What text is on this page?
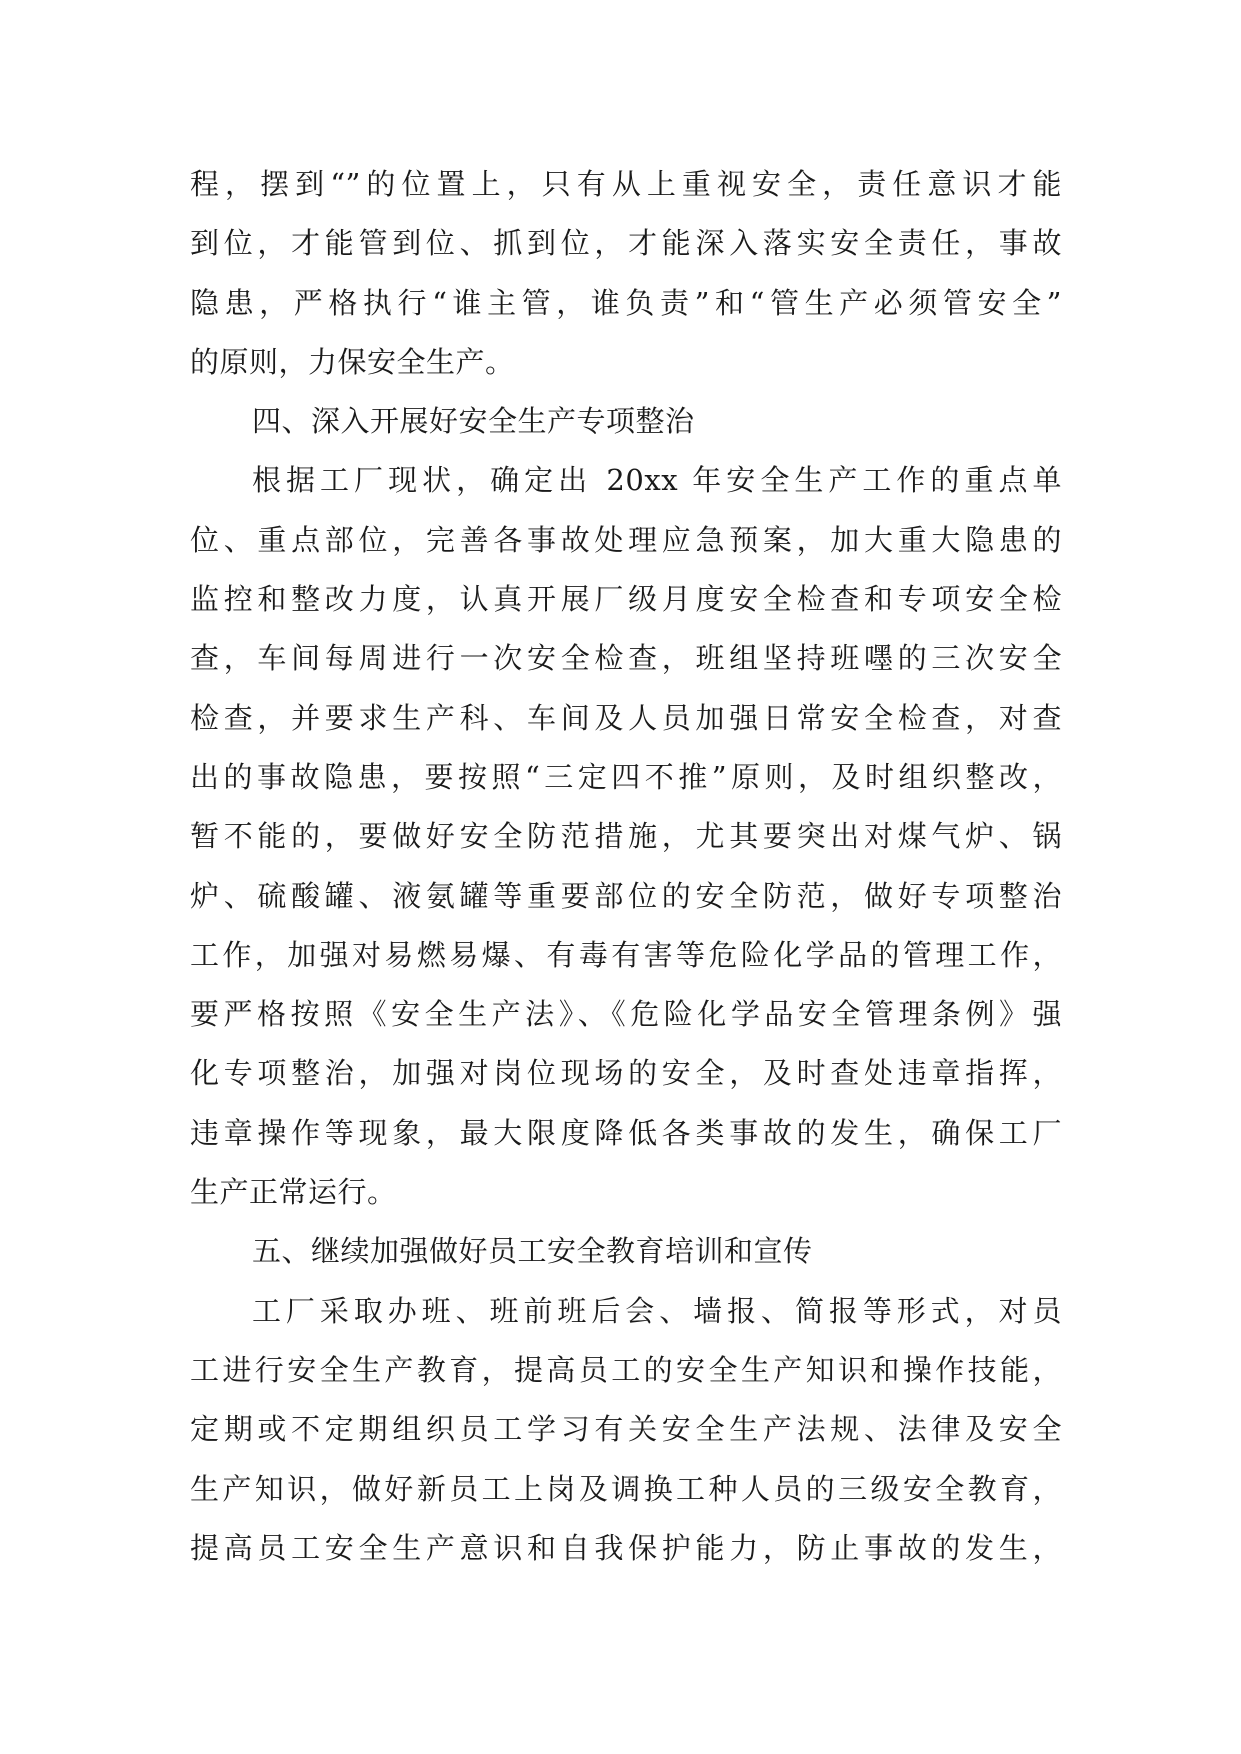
程，摆到“”的位置上，只有从上重视安全，责任意识才能
到位，才能管到位、抓到位，才能深入落实安全责任，事故
隐患，严格执行“谁主管，谁负责”和“管生产必须管安全”
的原则，力保安全生产。
四、深入开展好安全生产专项整治
根据工厂现状，确定出 20xx 年安全生产工作的重点单
位、重点部位，完善各事故处理应急预案，加大重大隐患的
监控和整改力度，认真开展厂级月度安全检查和专项安全检
查，车间每周进行一次安全检查，班组坚持班嚜的三次安全
检查，并要求生产科、车间及人员加强日常安全检查，对查
出的事故隐患，要按照“三定四不推”原则，及时组织整改，
暂不能的，要做好安全防范措施，尤其要突出对煤气炉、锅
炉、硫酸罐、液氨罐等重要部位的安全防范，做好专项整治
工作，加强对易燃易爆、有毒有害等危险化学品的管理工作，
要严格按照《安全生产法》、《危险化学品安全管理条例》强
化专项整治，加强对岗位现场的安全，及时查处违章指挥，
违章操作等现象，最大限度降低各类事故的发生，确保工厂
生产正常运行。
五、继续加强做好员工安全教育培训和宣传
工厂采取办班、班前班后会、墙报、简报等形式，对员
工进行安全生产教育，提高员工的安全生产知识和操作技能，
定期或不定期组织员工学习有关安全生产法规、法律及安全
生产知识，做好新员工上岗及调换工种人员的三级安全教育，
提高员工安全生产意识和自我保护能力，防止事故的发生，
